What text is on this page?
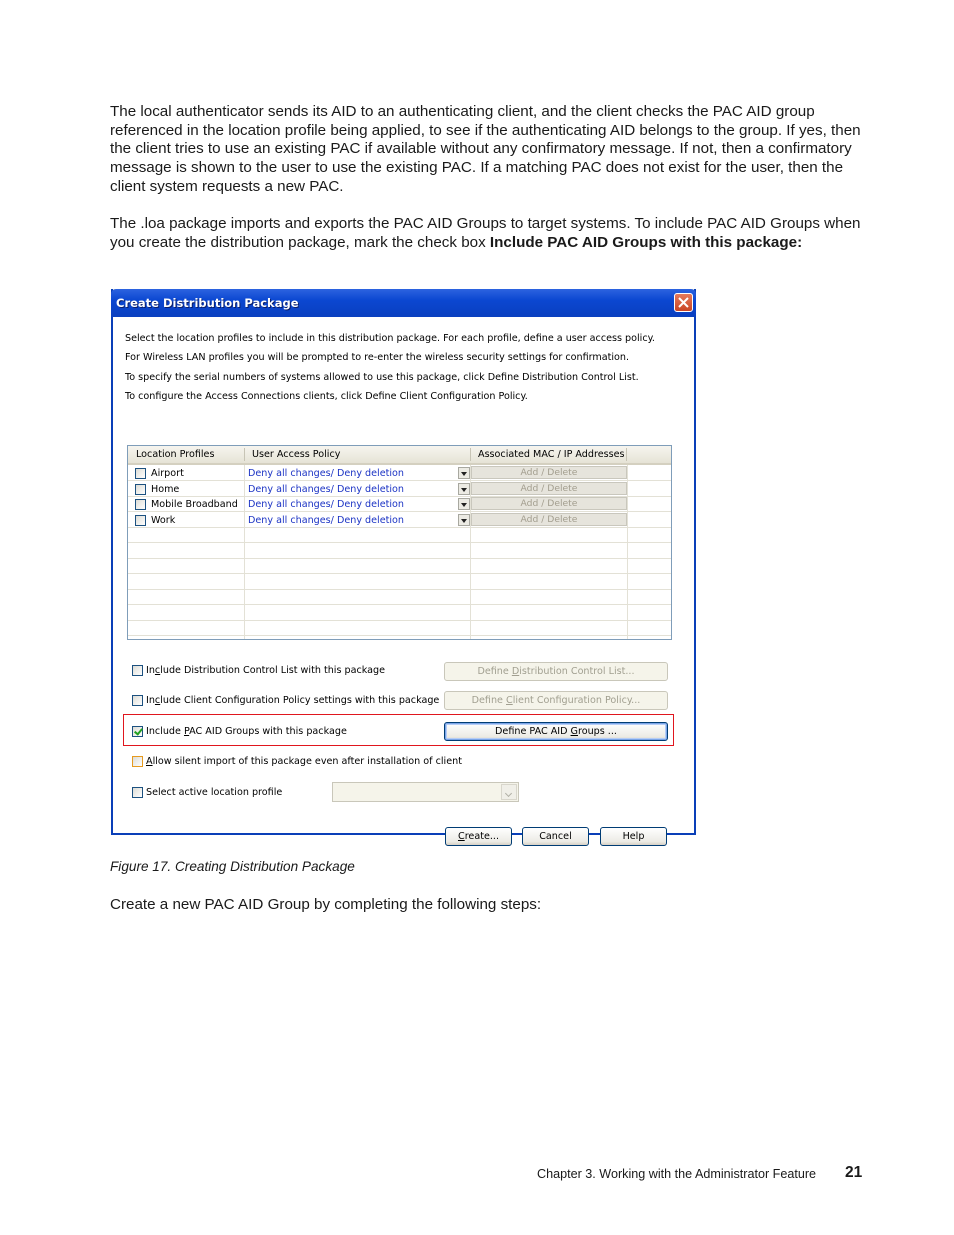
The local authenticator sends its AID to an authenticating client, and the client checks the PAC AID group referenced in the location profile being applied, to see if the authenticating AID belongs to the group. If yes, then the client tries to use an existing PAC if available without any confirmatory message. If not, then a confirmatory message is shown to the user to use the existing PAC. If a matching PAC does not exist for the user, then the client system requests a new PAC.

The .loa package imports and exports the PAC AID Groups to target systems. To include PAC AID Groups when you create the distribution package, mark the check box Include PAC AID Groups with this package:

Create Distribution Package
Select the location profiles to include in this distribution package. For each profile, define a user access policy.
For Wireless LAN profiles you will be prompted to re-enter the wireless security settings for confirmation.
To specify the serial numbers of systems allowed to use this package, click Define Distribution Control List.
To configure the Access Connections clients, click Define Client Configuration Policy.
Location Profiles	User Access Policy	Associated MAC / IP Addresses
Airport	Deny all changes/ Deny deletion	Add / Delete
Home	Deny all changes/ Deny deletion	Add / Delete
Mobile Broadband Deny all changes/ Deny deletion	Add / Delete
Work	Deny all changes/ Deny deletion	Add / Delete
Include Distribution Control List with this package	Define Distribution Control List...
Include Client Configuration Policy settings with this package	Define Client Configuration Policy...
Include PAC AID Groups with this package	Define PAC AID Groups ...
Allow silent import of this package even after installation of client
Select active location profile
Create...	Cancel	Help
Figure 17. Creating Distribution Package

Create a new PAC AID Group by completing the following steps:

Chapter 3. Working with the Administrator Feature 21
